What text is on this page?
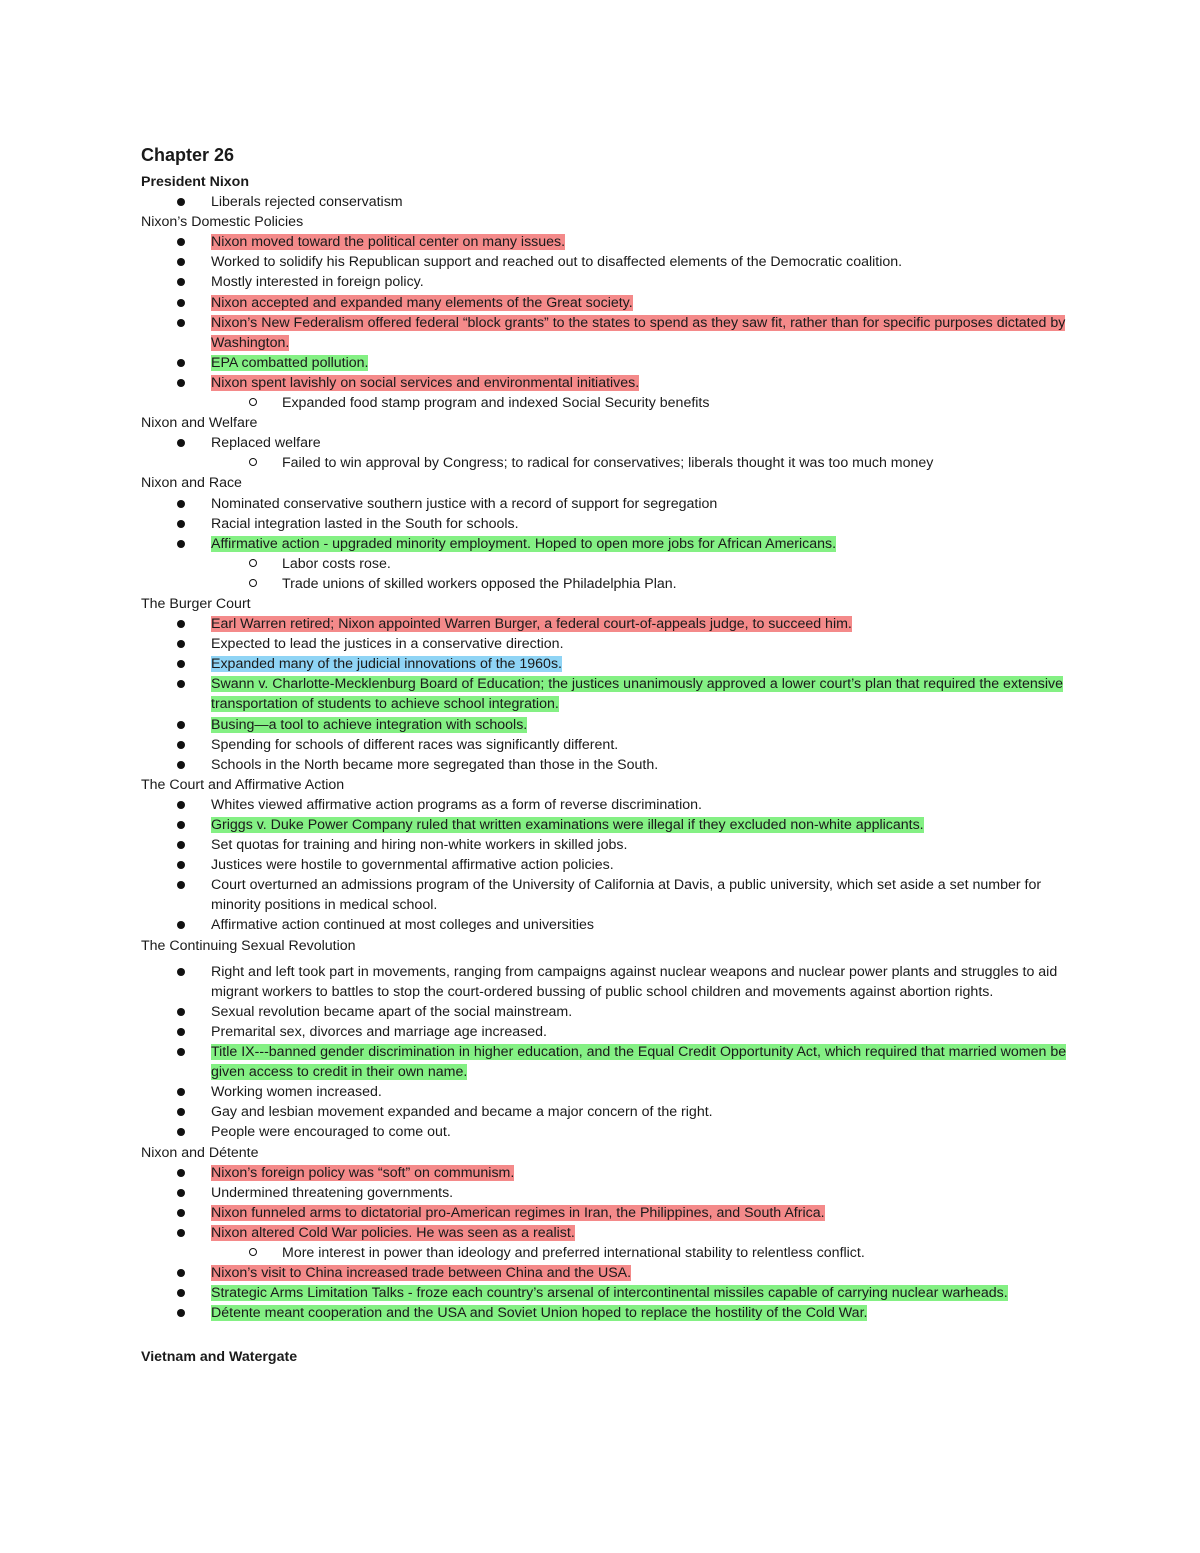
Chapter 26
President Nixon
Liberals rejected conservatism
Nixon’s Domestic Policies
Nixon moved toward the political center on many issues.
Worked to solidify his Republican support and reached out to disaffected elements of the Democratic coalition.
Mostly interested in foreign policy.
Nixon accepted and expanded many elements of the Great society.
Nixon’s New Federalism offered federal “block grants” to the states to spend as they saw fit, rather than for specific purposes dictated by Washington.
EPA combatted pollution.
Nixon spent lavishly on social services and environmental initiatives.
Expanded food stamp program and indexed Social Security benefits
Nixon and Welfare
Replaced welfare
Failed to win approval by Congress; to radical for conservatives; liberals thought it was too much money
Nixon and Race
Nominated conservative southern justice with a record of support for segregation
Racial integration lasted in the South for schools.
Affirmative action - upgraded minority employment. Hoped to open more jobs for African Americans.
Labor costs rose.
Trade unions of skilled workers opposed the Philadelphia Plan.
The Burger Court
Earl Warren retired; Nixon appointed Warren Burger, a federal court-of-appeals judge, to succeed him.
Expected to lead the justices in a conservative direction.
Expanded many of the judicial innovations of the 1960s.
Swann v. Charlotte-Mecklenburg Board of Education; the justices unanimously approved a lower court’s plan that required the extensive transportation of students to achieve school integration.
Busing—a tool to achieve integration with schools.
Spending for schools of different races was significantly different.
Schools in the North became more segregated than those in the South.
The Court and Affirmative Action
Whites viewed affirmative action programs as a form of reverse discrimination.
Griggs v. Duke Power Company ruled that written examinations were illegal if they excluded non-white applicants.
Set quotas for training and hiring non-white workers in skilled jobs.
Justices were hostile to governmental affirmative action policies.
Court overturned an admissions program of the University of California at Davis, a public university, which set aside a set number for minority positions in medical school.
Affirmative action continued at most colleges and universities
The Continuing Sexual Revolution
Right and left took part in movements, ranging from campaigns against nuclear weapons and nuclear power plants and struggles to aid migrant workers to battles to stop the court-ordered bussing of public school children and movements against abortion rights.
Sexual revolution became apart of the social mainstream.
Premarital sex, divorces and marriage age increased.
Title IX---banned gender discrimination in higher education, and the Equal Credit Opportunity Act, which required that married women be given access to credit in their own name.
Working women increased.
Gay and lesbian movement expanded and became a major concern of the right.
People were encouraged to come out.
Nixon and Détente
Nixon’s foreign policy was “soft” on communism.
Undermined threatening governments.
Nixon funneled arms to dictatorial pro-American regimes in Iran, the Philippines, and South Africa.
Nixon altered Cold War policies. He was seen as a realist.
More interest in power than ideology and preferred international stability to relentless conflict.
Nixon’s visit to China increased trade between China and the USA.
Strategic Arms Limitation Talks - froze each country’s arsenal of intercontinental missiles capable of carrying nuclear warheads.
Détente meant cooperation and the USA and Soviet Union hoped to replace the hostility of the Cold War.
Vietnam and Watergate
